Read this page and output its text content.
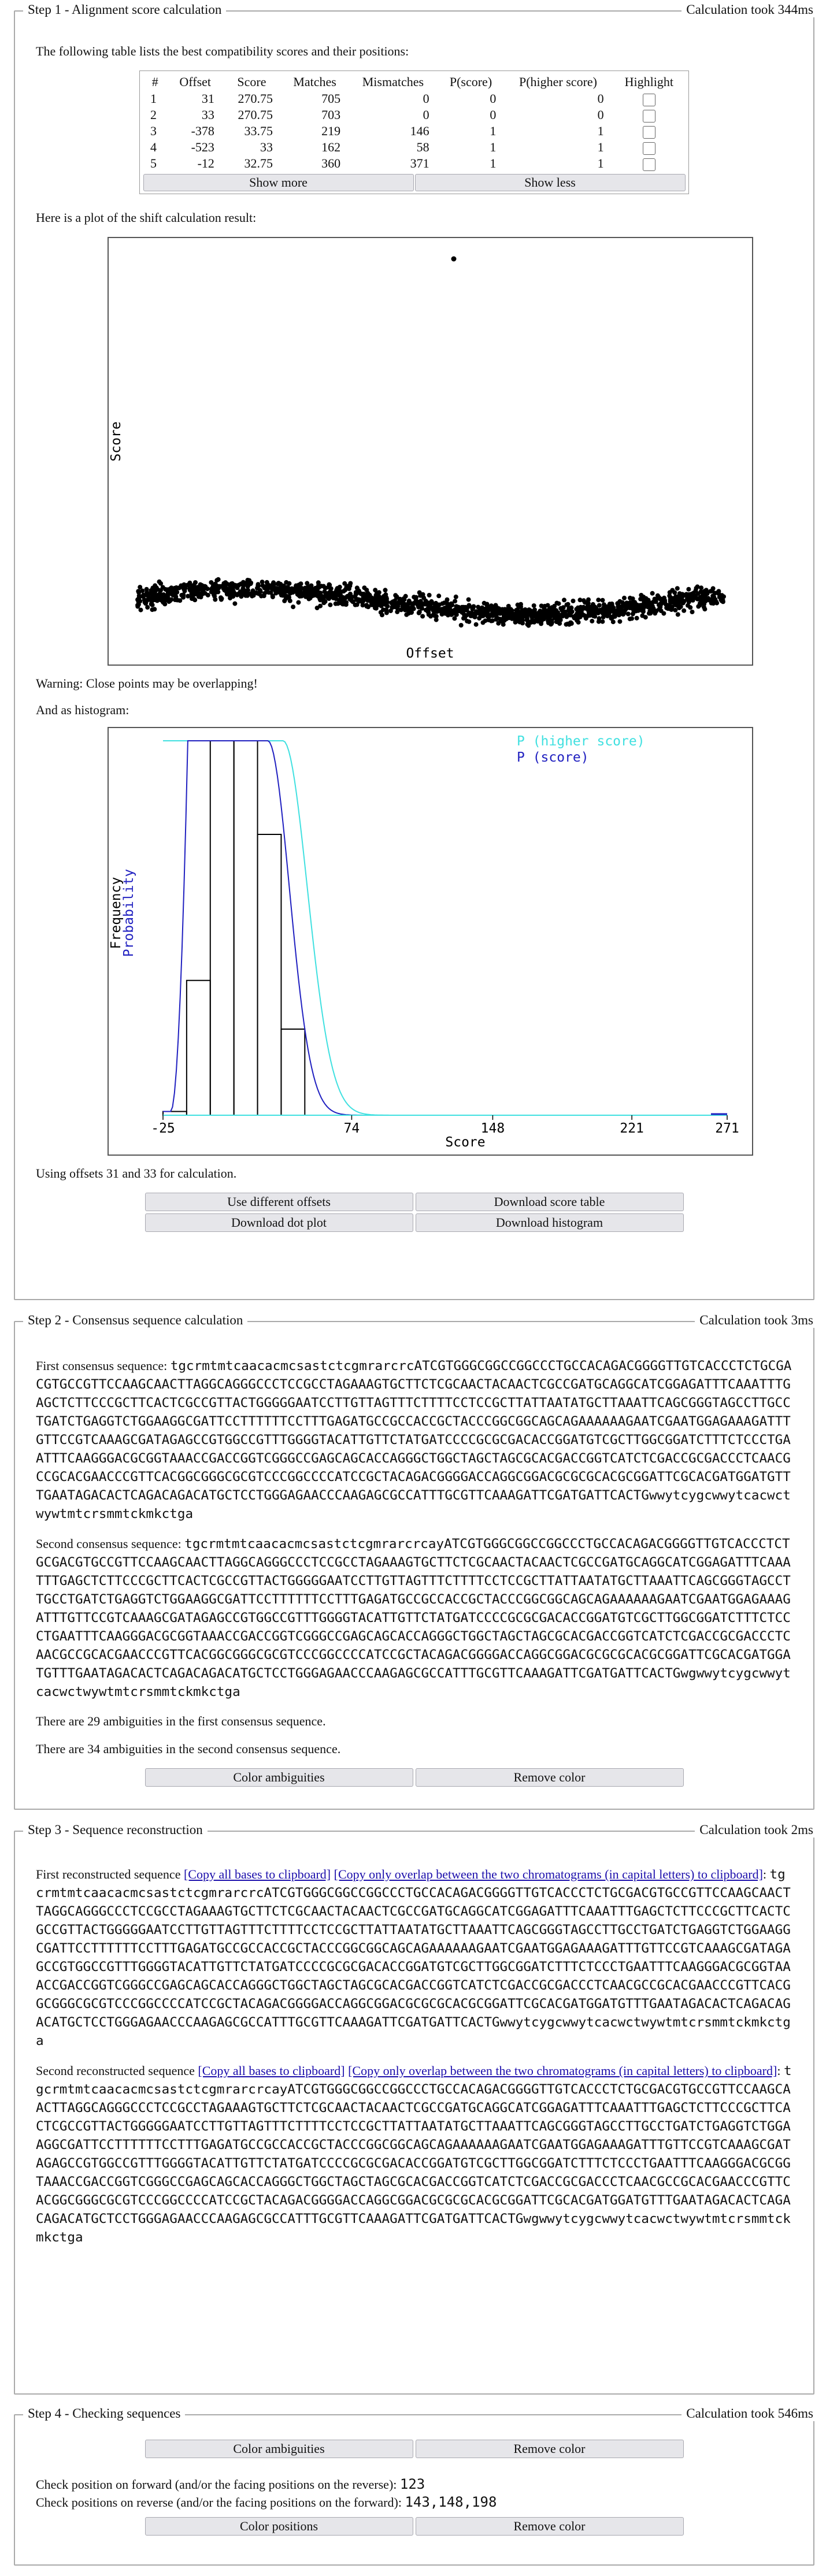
Step 1 - Alignment score calculation	Calculation took 344ms

The following table lists the best compatibility scores and their positions:

#	Offset	Score	Matches	Mismatches	P(score)	P(higher score)	Highlight
1	31	270.75	705	0	0	0	
2	33	270.75	703	0	0	0	
3	-378	33.75	219	146	1	1	
4	-523	33	162	58	1	1	
5	-12	32.75	360	371	1	1	
Show more	Show less

Here is a plot of the shift calculation result:

Offset
Score

Warning: Close points may be overlapping!

And as histogram:

-25	74	148	221	271
Score
Frequency
Probability
P (higher score)
P (score)

Using offsets 31 and 33 for calculation.

Use different offsets	Download score table
Download dot plot	Download histogram
Step 2 - Consensus sequence calculation	Calculation took 3ms
First consensus sequence: tgcrmtmtcaacacmcsastctcgmrarcrcATCGTGGGCGGCCGGCCCTGCCACAGACGGGGTTGTCACCCTCTGCGACGTGCCGTTCCAAGCAACTTAGGCAGGGCCCTCCGCCTAGAAAGTGCTTCTCGCAACTACAACTCGCCGATGCAGGCATCGGAGATTTCAAATTTGAGCTCTTCCCGCTTCACTCGCCGTTACTGGGGGAATCCTTGTTAGTTTCTTTTCCTCCGCTTATTAATATGCTTAAATTCAGCGGGTAGCCTTGCCTGATCTGAGGTCTGGAAGGCGATTCCTTTTTTCCTTTGAGATGCCGCCACCGCTACCCGGCGGCAGCAGAAAAAAGAATCGAATGGAGAAAGATTTGTTCCGTCAAAGCGATAGAGCCGTGGCCGTTTGGGGTACATTGTTCTATGATCCCCGCGCGACACCGGATGTCGCTTGGCGGATCTTTCTCCCTGAATTTCAAGGGACGCGGTAAACCGACCGGTCGGGCCGAGCAGCACCAGGGCTGGCTAGCTAGCGCACGACCGGTCATCTCGACCGCGACCCTCAACGCCGCACGAACCCGTTCACGGCGGGCGCGTCCCGGCCCCATCCGCTACAGACGGGGACCAGGCGGACGCGCGCACGCGGATTCGCACGATGGATGTTTGAATAGACACTCAGACAGACATGCTCCTGGGAGAACCCAAGAGCGCCATTTGCGTTCAAAGATTCGATGATTCACTGwwytcygcwwytcacwctwywtmtcrsmmtckmkctga
Second consensus sequence: tgcrmtmtcaacacmcsastctcgmrarcrcayATCGTGGGCGGCCGGCCCTGCCACAGACGGGGTTGTCACCCTCTGCGACGTGCCGTTCCAAGCAACTTAGGCAGGGCCCTCCGCCTAGAAAGTGCTTCTCGCAACTACAACTCGCCGATGCAGGCATCGGAGATTTCAAATTTGAGCTCTTCCCGCTTCACTCGCCGTTACTGGGGGAATCCTTGTTAGTTTCTTTTCCTCCGCTTATTAATATGCTTAAATTCAGCGGGTAGCCTTGCCTGATCTGAGGTCTGGAAGGCGATTCCTTTTTTCCTTTGAGATGCCGCCACCGCTACCCGGCGGCAGCAGAAAAAAGAATCGAATGGAGAAAGATTTGTTCCGTCAAAGCGATAGAGCCGTGGCCGTTTGGGGTACATTGTTCTATGATCCCCGCGCGACACCGGATGTCGCTTGGCGGATCTTTCTCCCTGAATTTCAAGGGACGCGGTAAACCGACCGGTCGGGCCGAGCAGCACCAGGGCTGGCTAGCTAGCGCACGACCGGTCATCTCGACCGCGACCCTCAACGCCGCACGAACCCGTTCACGGCGGGCGCGTCCCGGCCCCATCCGCTACAGACGGGGACCAGGCGGACGCGCGCACGCGGATTCGCACGATGGATGTTTGAATAGACACTCAGACAGACATGCTCCTGGGAGAACCCAAGAGCGCCATTTGCGTTCAAAGATTCGATGATTCACTGwgwwytcygcwwytcacwctwywtmtcrsmmtckmkctga

There are 29 ambiguities in the first consensus sequence.

There are 34 ambiguities in the second consensus sequence.

Color ambiguities	Remove color
Step 3 - Sequence reconstruction	Calculation took 2ms
First reconstructed sequence [Copy all bases to clipboard] [Copy only overlap between the two chromatograms (in capital letters) to clipboard]: tgcrmtmtcaacacmcsastctcgmrarcrcATCGTGGGCGGCCGGCCCTGCCACAGACGGGGTTGTCACCCTCTGCGACGTGCCGTTCCAAGCAACTTAGGCAGGGCCCTCCGCCTAGAAAGTGCTTCTCGCAACTACAACTCGCCGATGCAGGCATCGGAGATTTCAAATTTGAGCTCTTCCCGCTTCACTCGCCGTTACTGGGGGAATCCTTGTTAGTTTCTTTTCCTCCGCTTATTAATATGCTTAAATTCAGCGGGTAGCCTTGCCTGATCTGAGGTCTGGAAGGCGATTCCTTTTTTCCTTTGAGATGCCGCCACCGCTACCCGGCGGCAGCAGAAAAAAGAATCGAATGGAGAAAGATTTGTTCCGTCAAAGCGATAGAGCCGTGGCCGTTTGGGGTACATTGTTCTATGATCCCCGCGCGACACCGGATGTCGCTTGGCGGATCTTTCTCCCTGAATTTCAAGGGACGCGGTAAACCGACCGGTCGGGCCGAGCAGCACCAGGGCTGGCTAGCTAGCGCACGACCGGTCATCTCGACCGCGACCCTCAACGCCGCACGAACCCGTTCACGGCGGGCGCGTCCCGGCCCCATCCGCTACAGACGGGGACCAGGCGGACGCGCGCACGCGGATTCGCACGATGGATGTTTGAATAGACACTCAGACAGACATGCTCCTGGGAGAACCCAAGAGCGCCATTTGCGTTCAAAGATTCGATGATTCACTGwwytcygcwwytcacwctwywtmtcrsmmtckmkctga
Second reconstructed sequence [Copy all bases to clipboard] [Copy only overlap between the two chromatograms (in capital letters) to clipboard]: tgcrmtmtcaacacmcsastctcgmrarcrcayATCGTGGGCGGCCGGCCCTGCCACAGACGGGGTTGTCACCCTCTGCGACGTGCCGTTCCAAGCAACTTAGGCAGGGCCCTCCGCCTAGAAAGTGCTTCTCGCAACTACAACTCGCCGATGCAGGCATCGGAGATTTCAAATTTGAGCTCTTCCCGCTTCACTCGCCGTTACTGGGGGAATCCTTGTTAGTTTCTTTTCCTCCGCTTATTAATATGCTTAAATTCAGCGGGTAGCCTTGCCTGATCTGAGGTCTGGAAGGCGATTCCTTTTTTCCTTTGAGATGCCGCCACCGCTACCCGGCGGCAGCAGAAAAAAGAATCGAATGGAGAAAGATTTGTTCCGTCAAAGCGATAGAGCCGTGGCCGTTTGGGGTACATTGTTCTATGATCCCCGCGCGACACCGGATGTCGCTTGGCGGATCTTTCTCCCTGAATTTCAAGGGACGCGGTAAACCGACCGGTCGGGCCGAGCAGCACCAGGGCTGGCTAGCTAGCGCACGACCGGTCATCTCGACCGCGACCCTCAACGCCGCACGAACCCGTTCACGGCGGGCGCGTCCCGGCCCCATCCGCTACAGACGGGGACCAGGCGGACGCGCGCACGCGGATTCGCACGATGGATGTTTGAATAGACACTCAGACAGACATGCTCCTGGGAGAACCCAAGAGCGCCATTTGCGTTCAAAGATTCGATGATTCACTGwgwwytcygcwwytcacwctwywtmtcrsmmtckmkctga
Step 4 - Checking sequences	Calculation took 546ms
Color ambiguities	Remove color

Check position on forward (and/or the facing positions on the reverse): 123

Check positions on reverse (and/or the facing positions on the forward): 143,148,198

Color positions	Remove color
